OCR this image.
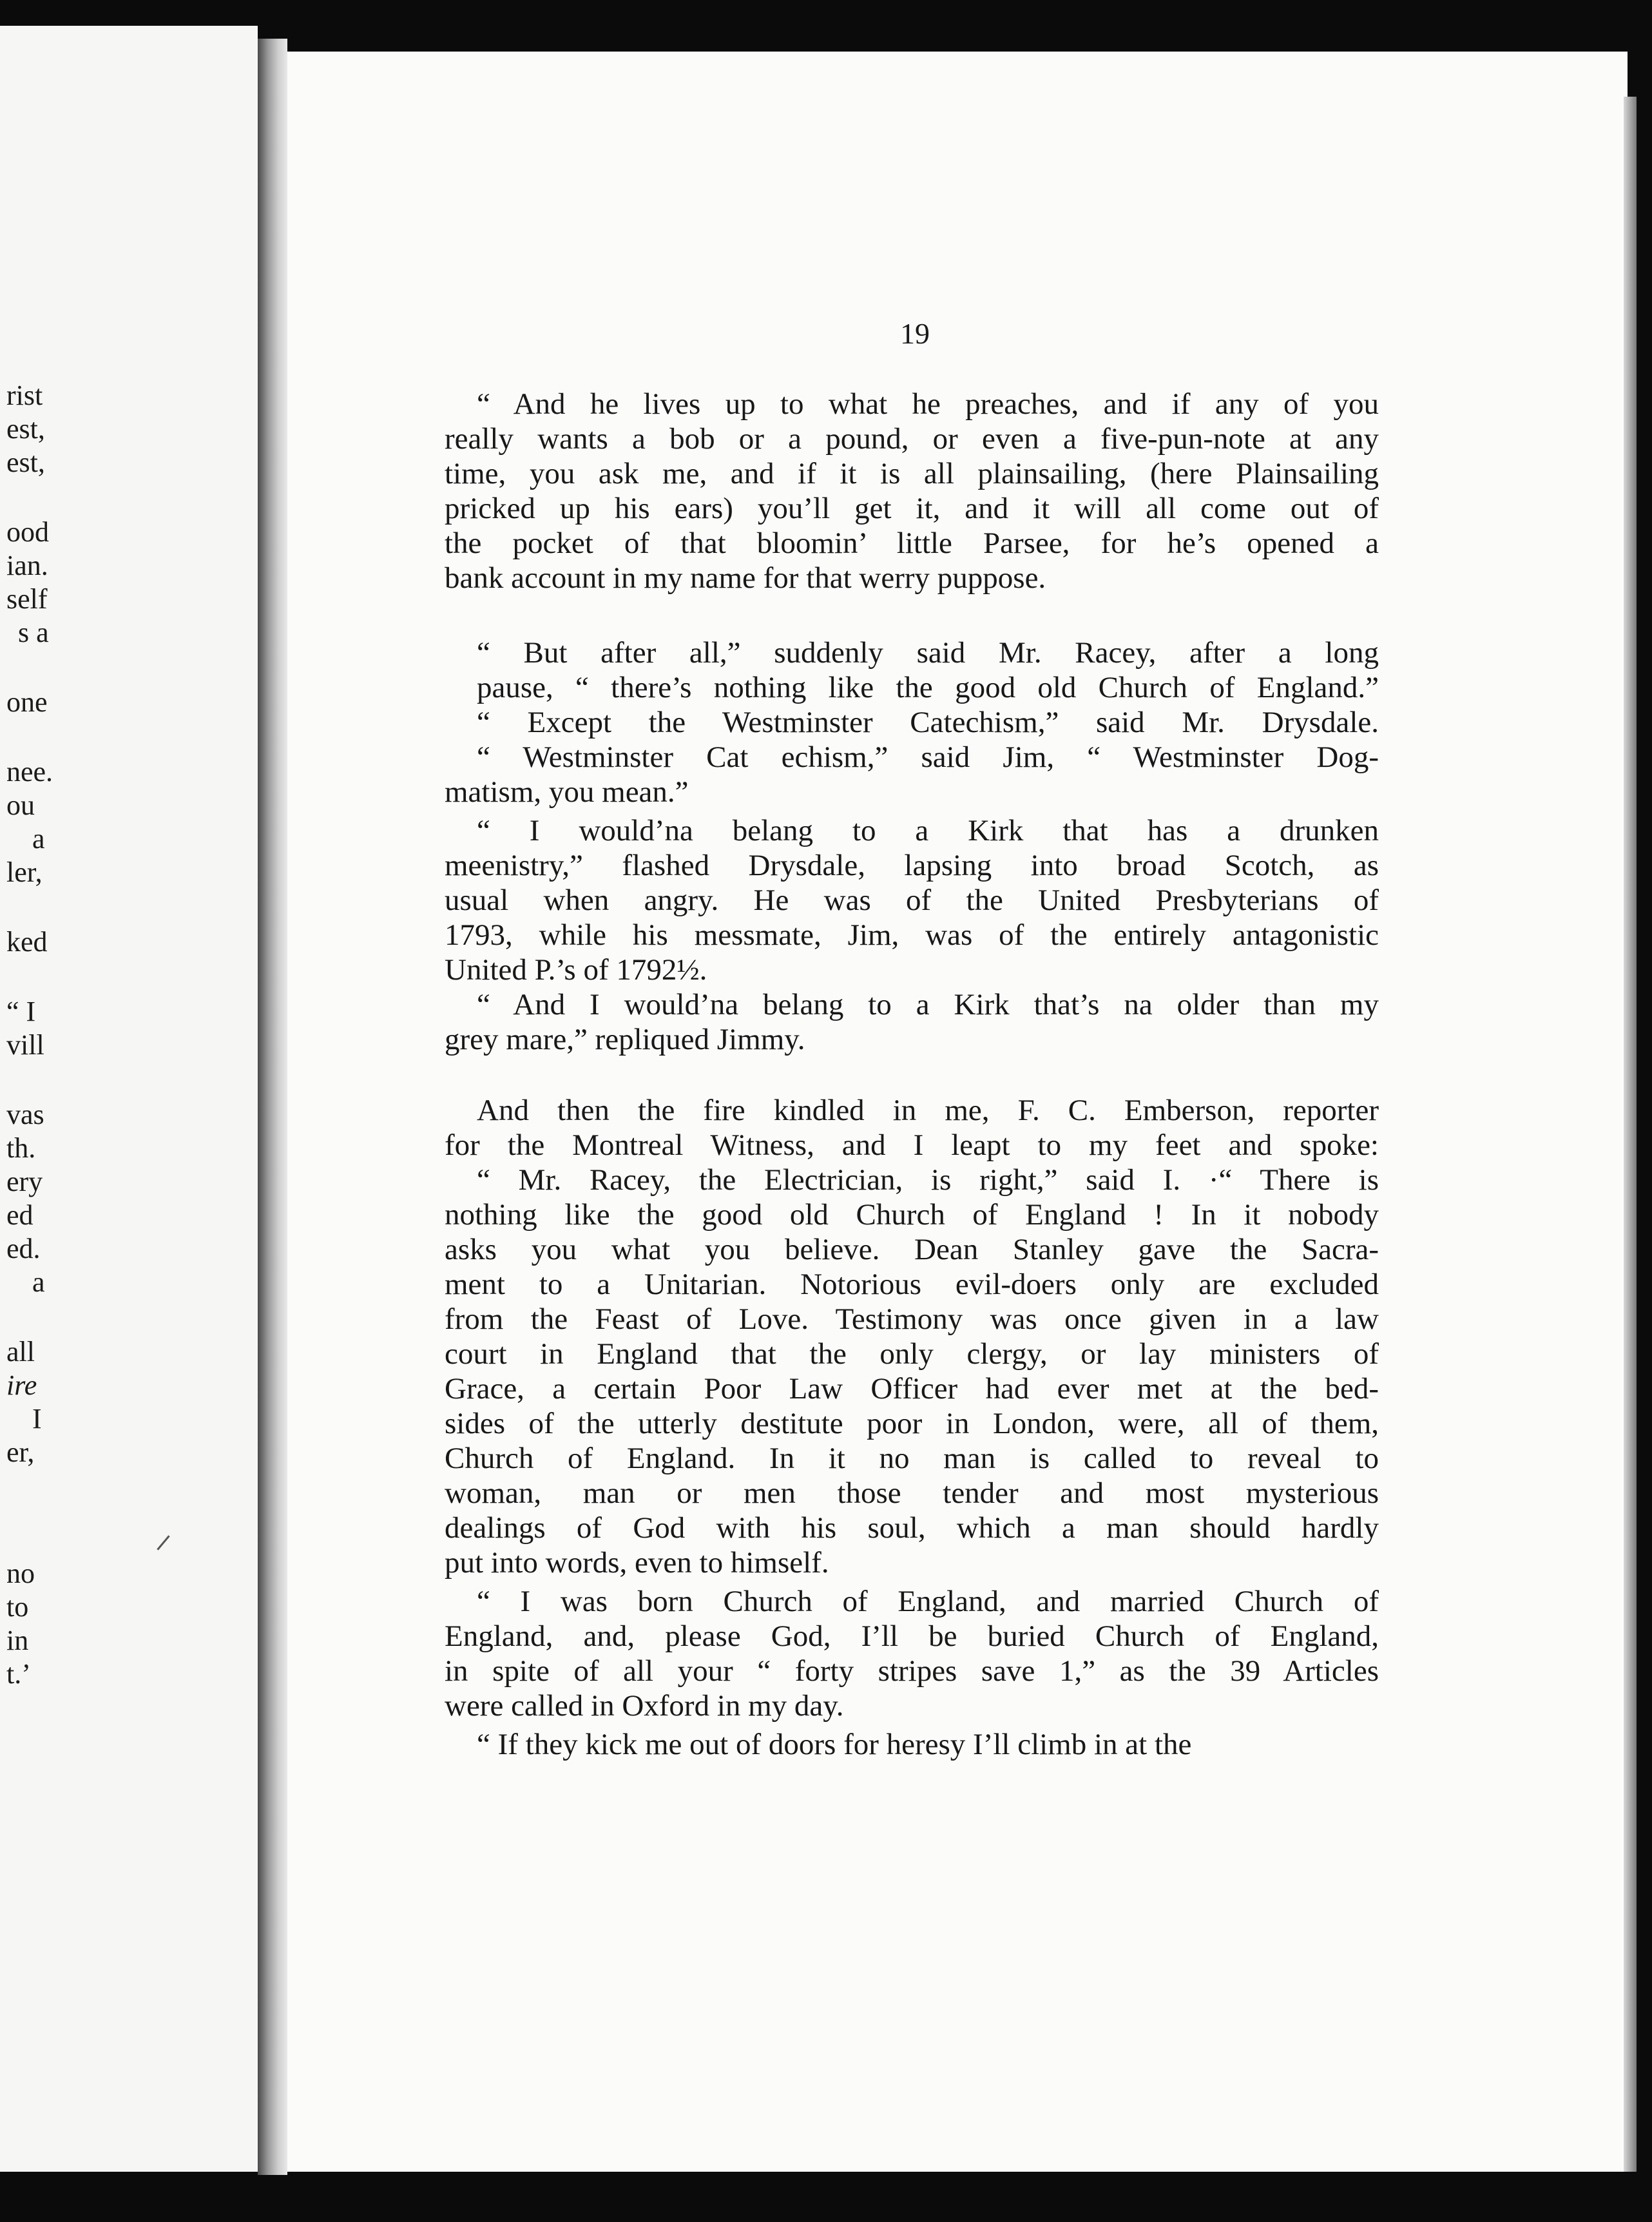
19

rist

est,

est,

ood

ian.

self

s a

one

nee.

ou

a

ler,

ked

“ I

vill

vas

th.

ery

ed

ed.

a

all

ire

I

er,

no

to

in

t.’

“ And he lives up to what he preaches, and if any of you

really wants a bob or a pound, or even a five-pun-note at any

time, you ask me, and if it is all plainsailing, (here Plainsailing

pricked up his ears) you’ll get it, and it will all come out of

the pocket of that bloomin’ little Parsee, for he’s opened a

bank account in my name for that werry puppose.

“ But after all,” suddenly said Mr. Racey, after a long

pause, “ there’s nothing like the good old Church of England.”

“ Except the Westminster Catechism,” said Mr. Drysdale.

“ Westminster Cat echism,” said Jim, “ Westminster Dog-

matism, you mean.”

“ I would’na belang to a Kirk that has a drunken

meenistry,” flashed Drysdale, lapsing into broad Scotch, as

usual when angry. He was of the United Presbyterians of

1793, while his messmate, Jim, was of the entirely antagonistic

United P.’s of 1792½.

“ And I would’na belang to a Kirk that’s na older than my

grey mare,” repliqued Jimmy.

And then the fire kindled in me, F. C. Emberson, reporter

for the Montreal Witness, and I leapt to my feet and spoke:

“ Mr. Racey, the Electrician, is right,” said I. ·“ There is

nothing like the good old Church of England ! In it nobody

asks you what you believe. Dean Stanley gave the Sacra-

ment to a Unitarian. Notorious evil-doers only are excluded

from the Feast of Love. Testimony was once given in a law

court in England that the only clergy, or lay ministers of

Grace, a certain Poor Law Officer had ever met at the bed-

sides of the utterly destitute poor in London, were, all of them,

Church of England. In it no man is called to reveal to

woman, man or men those tender and most mysterious

dealings of God with his soul, which a man should hardly

put into words, even to himself.

“ I was born Church of England, and married Church of

England, and, please God, I’ll be buried Church of England,

in spite of all your “ forty stripes save 1,” as the 39 Articles

were called in Oxford in my day.

“ If they kick me out of doors for heresy I’ll climb in at the
